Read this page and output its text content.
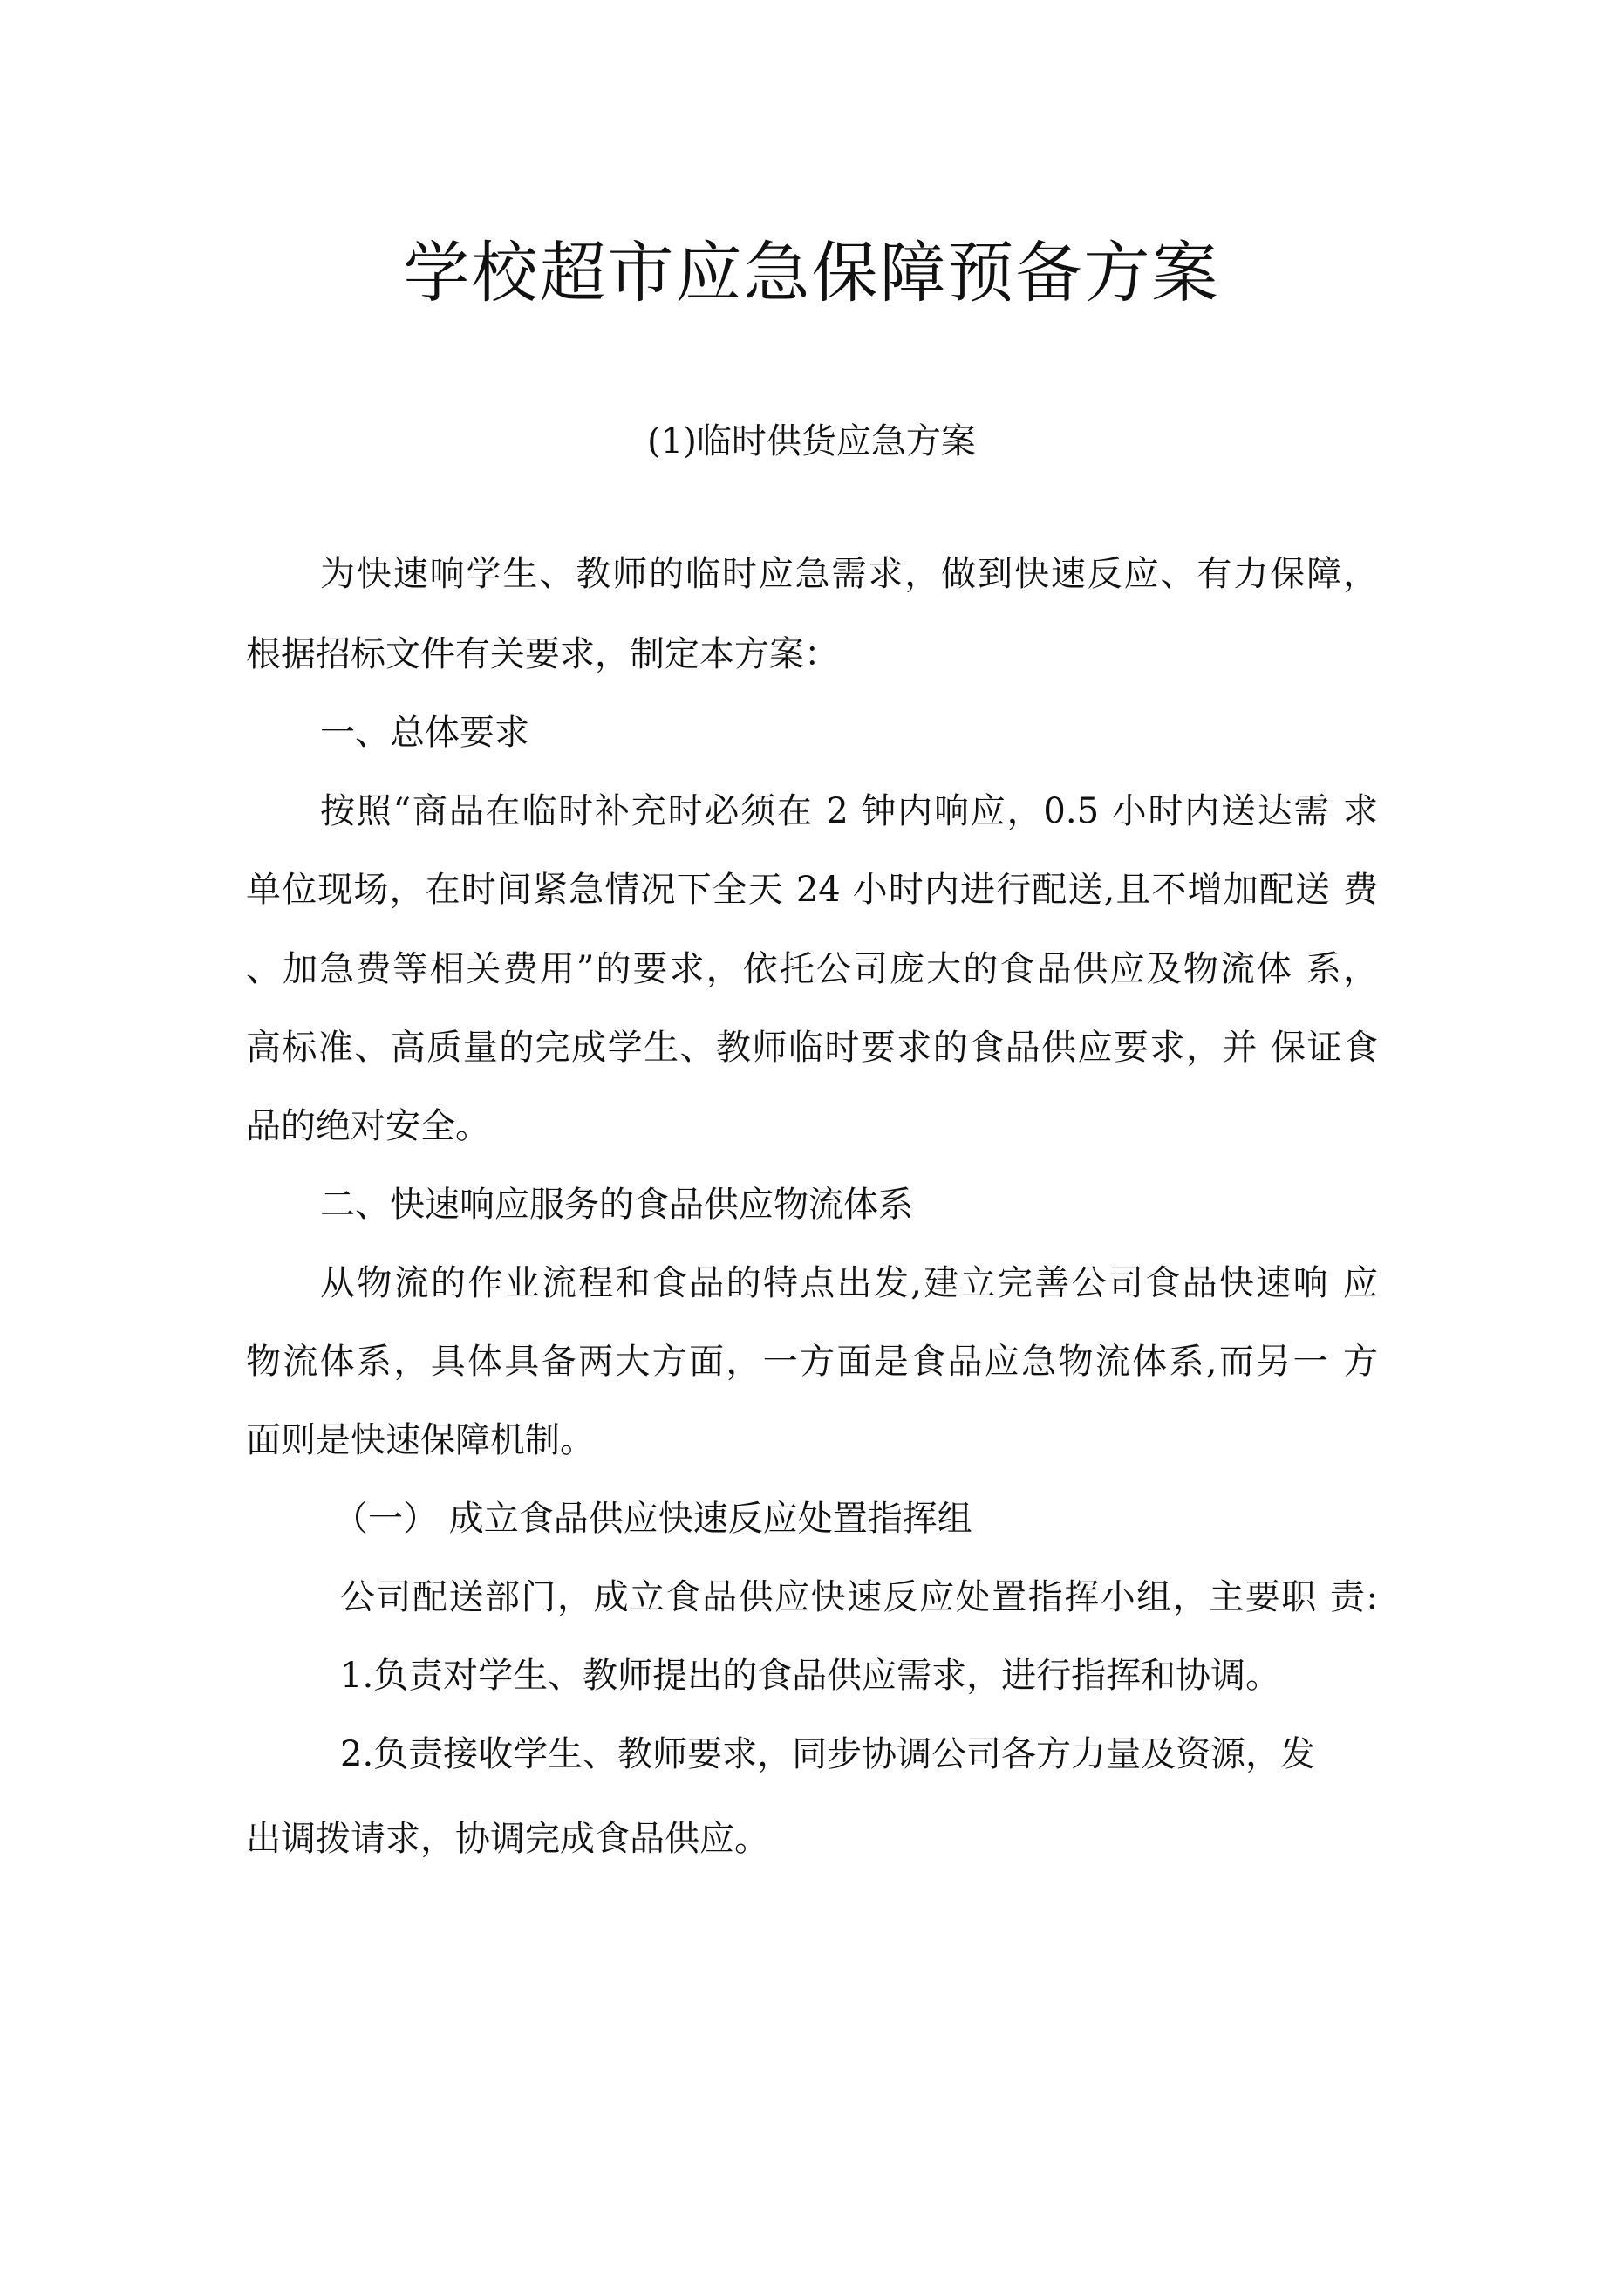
学校超市应急保障预备方案
(1)临时供货应急方案
为快速响学生、教师的临时应急需求，做到快速反应、有力保障，
根据招标文件有关要求，制定本方案：
一、总体要求
按照“商品在临时补充时必须在 2 钟内响应，0.5 小时内送达需 求
单位现场，在时间紧急情况下全天 24 小时内进行配送,且不增加配送 费
、加急费等相关费用”的要求，依托公司庞大的食品供应及物流体 系，
高标准、高质量的完成学生、教师临时要求的食品供应要求，并 保证食
品的绝对安全。
二、快速响应服务的食品供应物流体系
从物流的作业流程和食品的特点出发,建立完善公司食品快速响 应
物流体系，具体具备两大方面，一方面是食品应急物流体系,而另一 方
面则是快速保障机制。
（一） 成立食品供应快速反应处置指挥组
公司配送部门，成立食品供应快速反应处置指挥小组，主要职 责:
1.负责对学生、教师提出的食品供应需求，进行指挥和协调。
2.负责接收学生、教师要求，同步协调公司各方力量及资源，发
出调拨请求，协调完成食品供应。
